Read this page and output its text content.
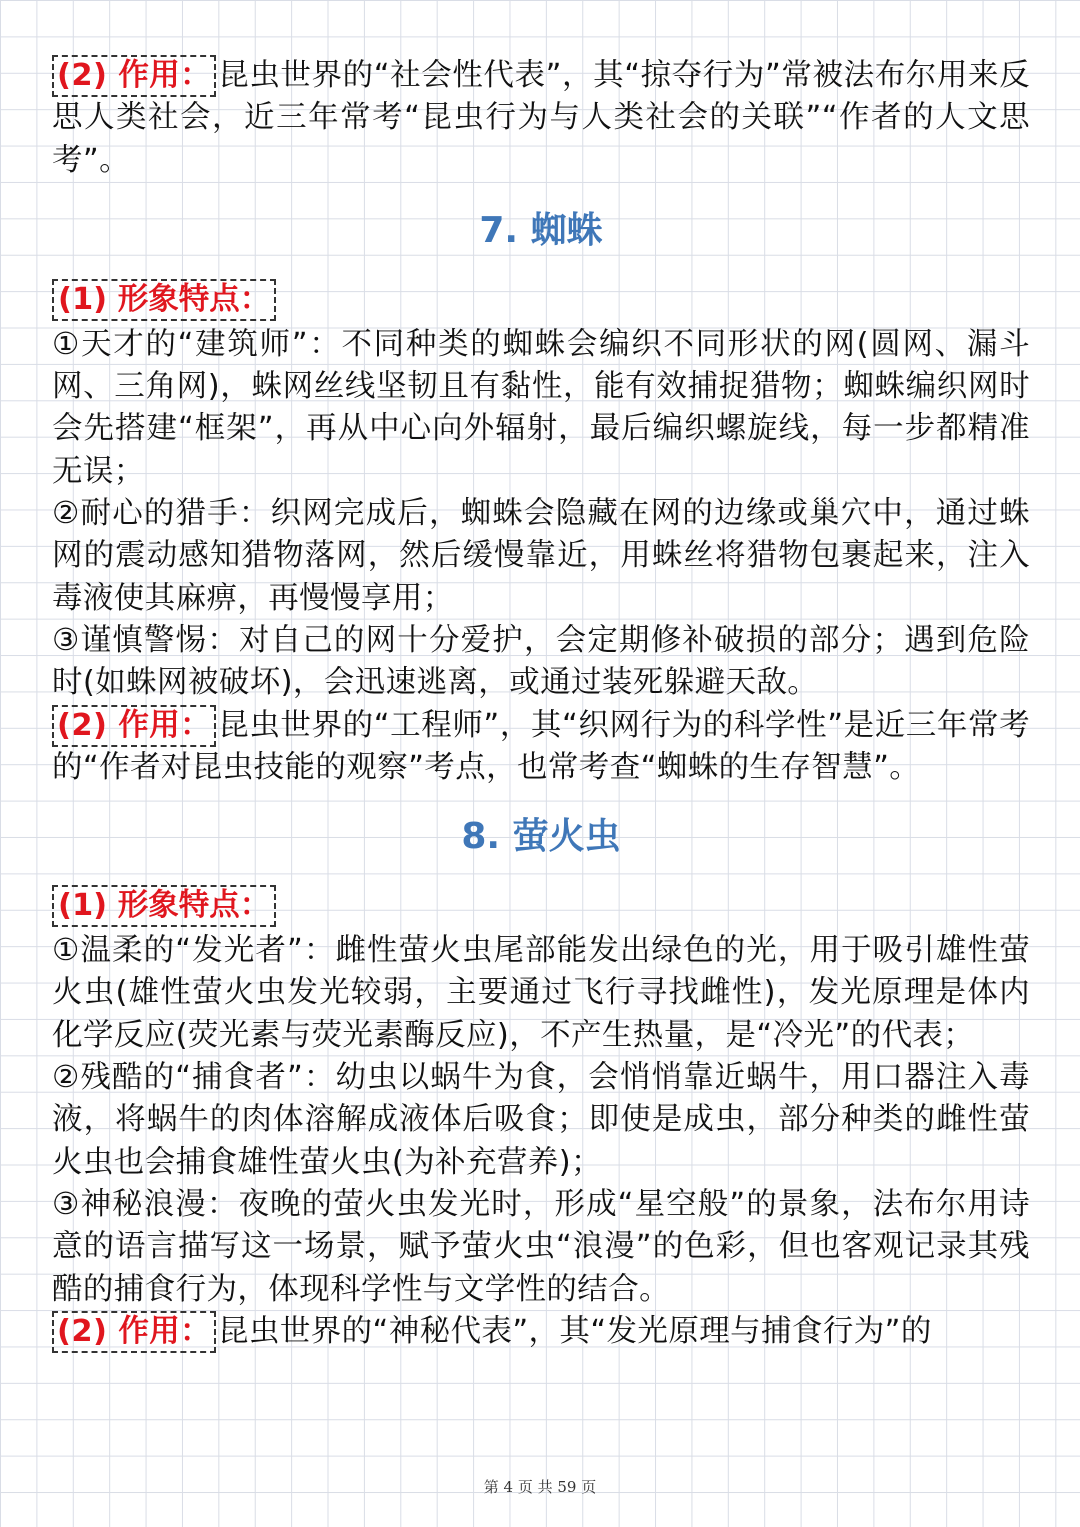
(2) 作用： 昆虫世界的“社会性代表”，其“掠夺行为”常被法布尔用来反思人类社会，近三年常考“昆虫行为与人类社会的关联”“作者的人文思考”。

7. 蜘蛛
(1) 形象特点：

①天才的“建筑师”：不同种类的蜘蛛会编织不同形状的网(圆网、漏斗网、三角网)，蛛网丝线坚韧且有黏性，能有效捕捉猎物；蜘蛛编织网时会先搭建“框架”，再从中心向外辐射，最后编织螺旋线，每一步都精准无误；

②耐心的猎手：织网完成后，蜘蛛会隐藏在网的边缘或巢穴中，通过蛛网的震动感知猎物落网，然后缓慢靠近，用蛛丝将猎物包裹起来，注入毒液使其麻痹，再慢慢享用；

③谨慎警惕：对自己的网十分爱护，会定期修补破损的部分；遇到危险时(如蛛网被破坏)，会迅速逃离，或通过装死躲避天敌。

(2) 作用： 昆虫世界的“工程师”，其“织网行为的科学性”是近三年常考的“作者对昆虫技能的观察”考点，也常考查“蜘蛛的生存智慧”。

8. 萤火虫
(1) 形象特点：

①温柔的“发光者”：雌性萤火虫尾部能发出绿色的光，用于吸引雄性萤火虫(雄性萤火虫发光较弱，主要通过飞行寻找雌性)，发光原理是体内化学反应(荧光素与荧光素酶反应)，不产生热量，是“冷光”的代表；

②残酷的“捕食者”：幼虫以蜗牛为食，会悄悄靠近蜗牛，用口器注入毒液，将蜗牛的肉体溶解成液体后吸食；即使是成虫，部分种类的雌性萤火虫也会捕食雄性萤火虫(为补充营养)；

③神秘浪漫：夜晚的萤火虫发光时，形成“星空般”的景象，法布尔用诗意的语言描写这一场景，赋予萤火虫“浪漫”的色彩，但也客观记录其残酷的捕食行为，体现科学性与文学性的结合。

(2) 作用： 昆虫世界的“神秘代表”，其“发光原理与捕食行为”的

第 4 页 共 59 页
